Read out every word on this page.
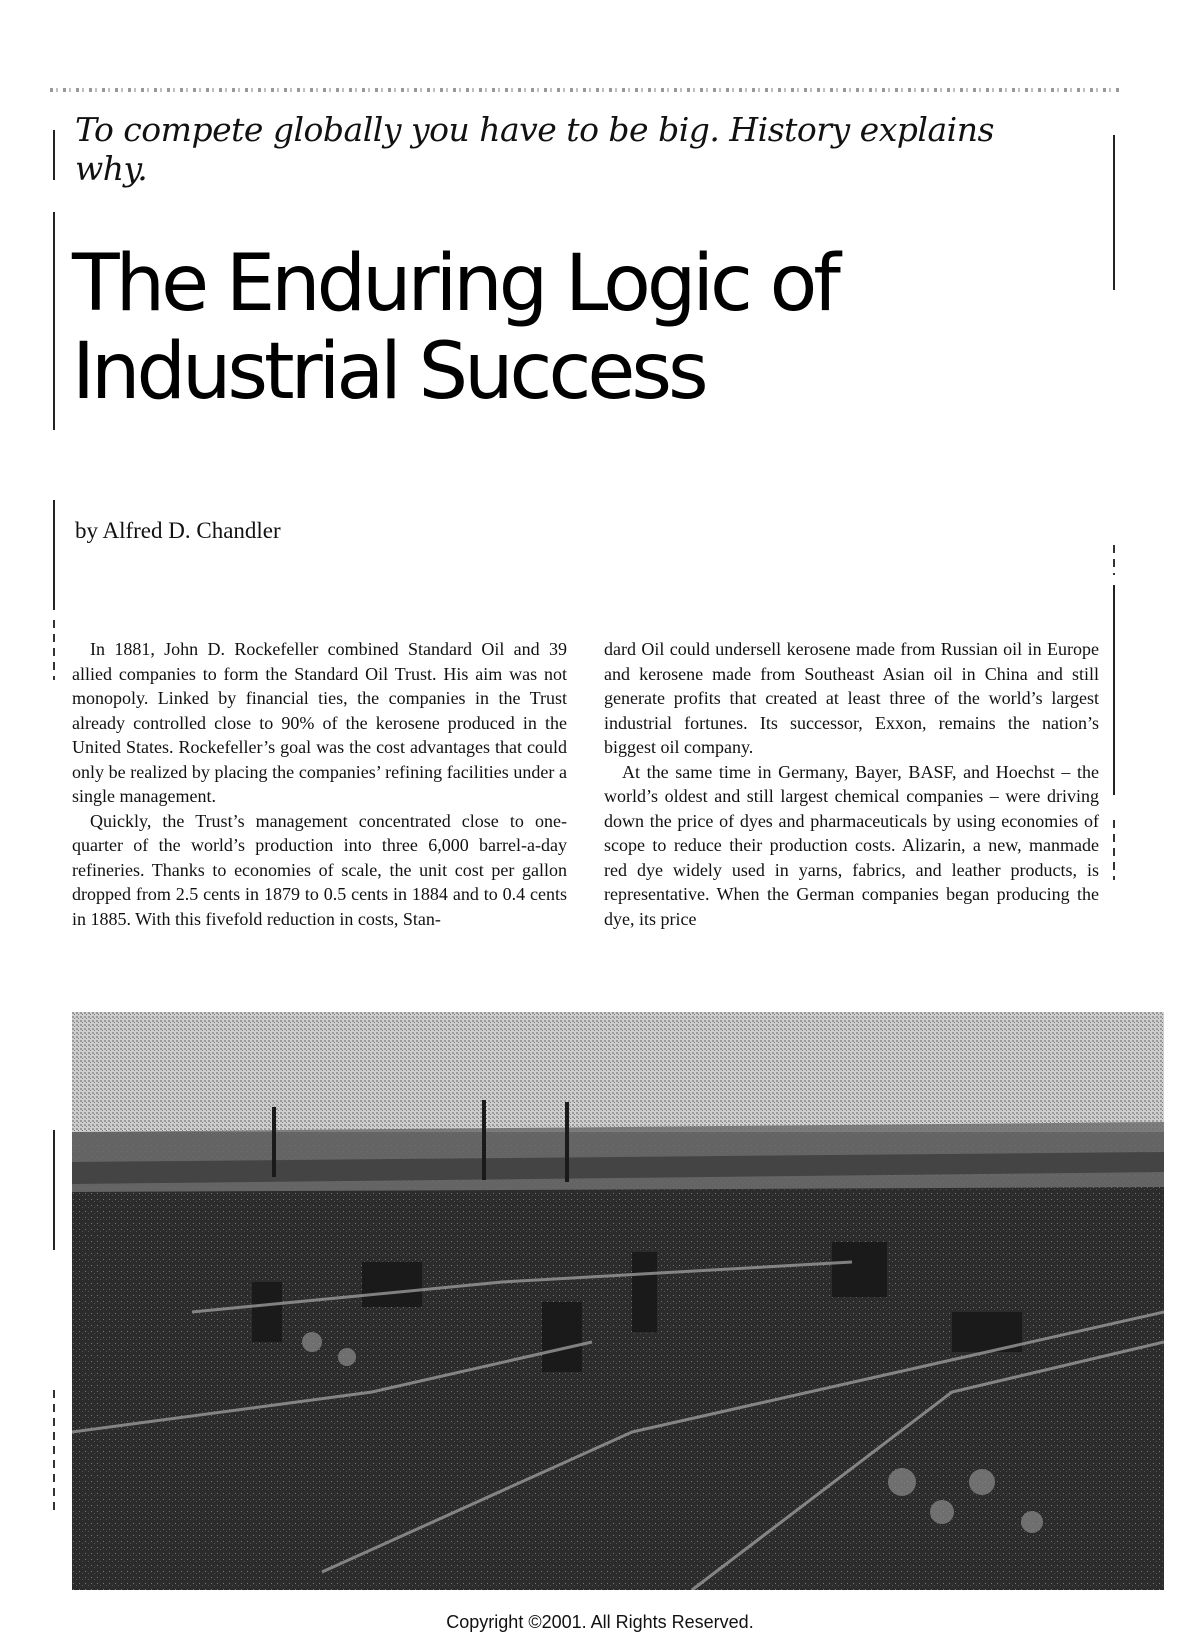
To compete globally you have to be big. History explains why.

The Enduring Logic of
Industrial Success

by Alfred D. Chandler

In 1881, John D. Rockefeller combined Standard Oil and 39 allied companies to form the Standard Oil Trust. His aim was not monopoly. Linked by financial ties, the companies in the Trust already controlled close to 90% of the kerosene produced in the United States. Rockefeller’s goal was the cost advantages that could only be realized by placing the companies’ refining facilities under a single management.

Quickly, the Trust’s management concentrated close to one-quarter of the world’s production into three 6,000 barrel-a-day refineries. Thanks to economies of scale, the unit cost per gallon dropped from 2.5 cents in 1879 to 0.5 cents in 1884 and to 0.4 cents in 1885. With this fivefold reduction in costs, Stan-

dard Oil could undersell kerosene made from Russian oil in Europe and kerosene made from Southeast Asian oil in China and still generate profits that created at least three of the world’s largest industrial fortunes. Its successor, Exxon, remains the nation’s biggest oil company.

At the same time in Germany, Bayer, BASF, and Hoechst – the world’s oldest and still largest chemical companies – were driving down the price of dyes and pharmaceuticals by using economies of scope to reduce their production costs. Alizarin, a new, manmade red dye widely used in yarns, fabrics, and leather products, is representative. When the German companies began producing the dye, its price

Copyright ©2001. All Rights Reserved.
